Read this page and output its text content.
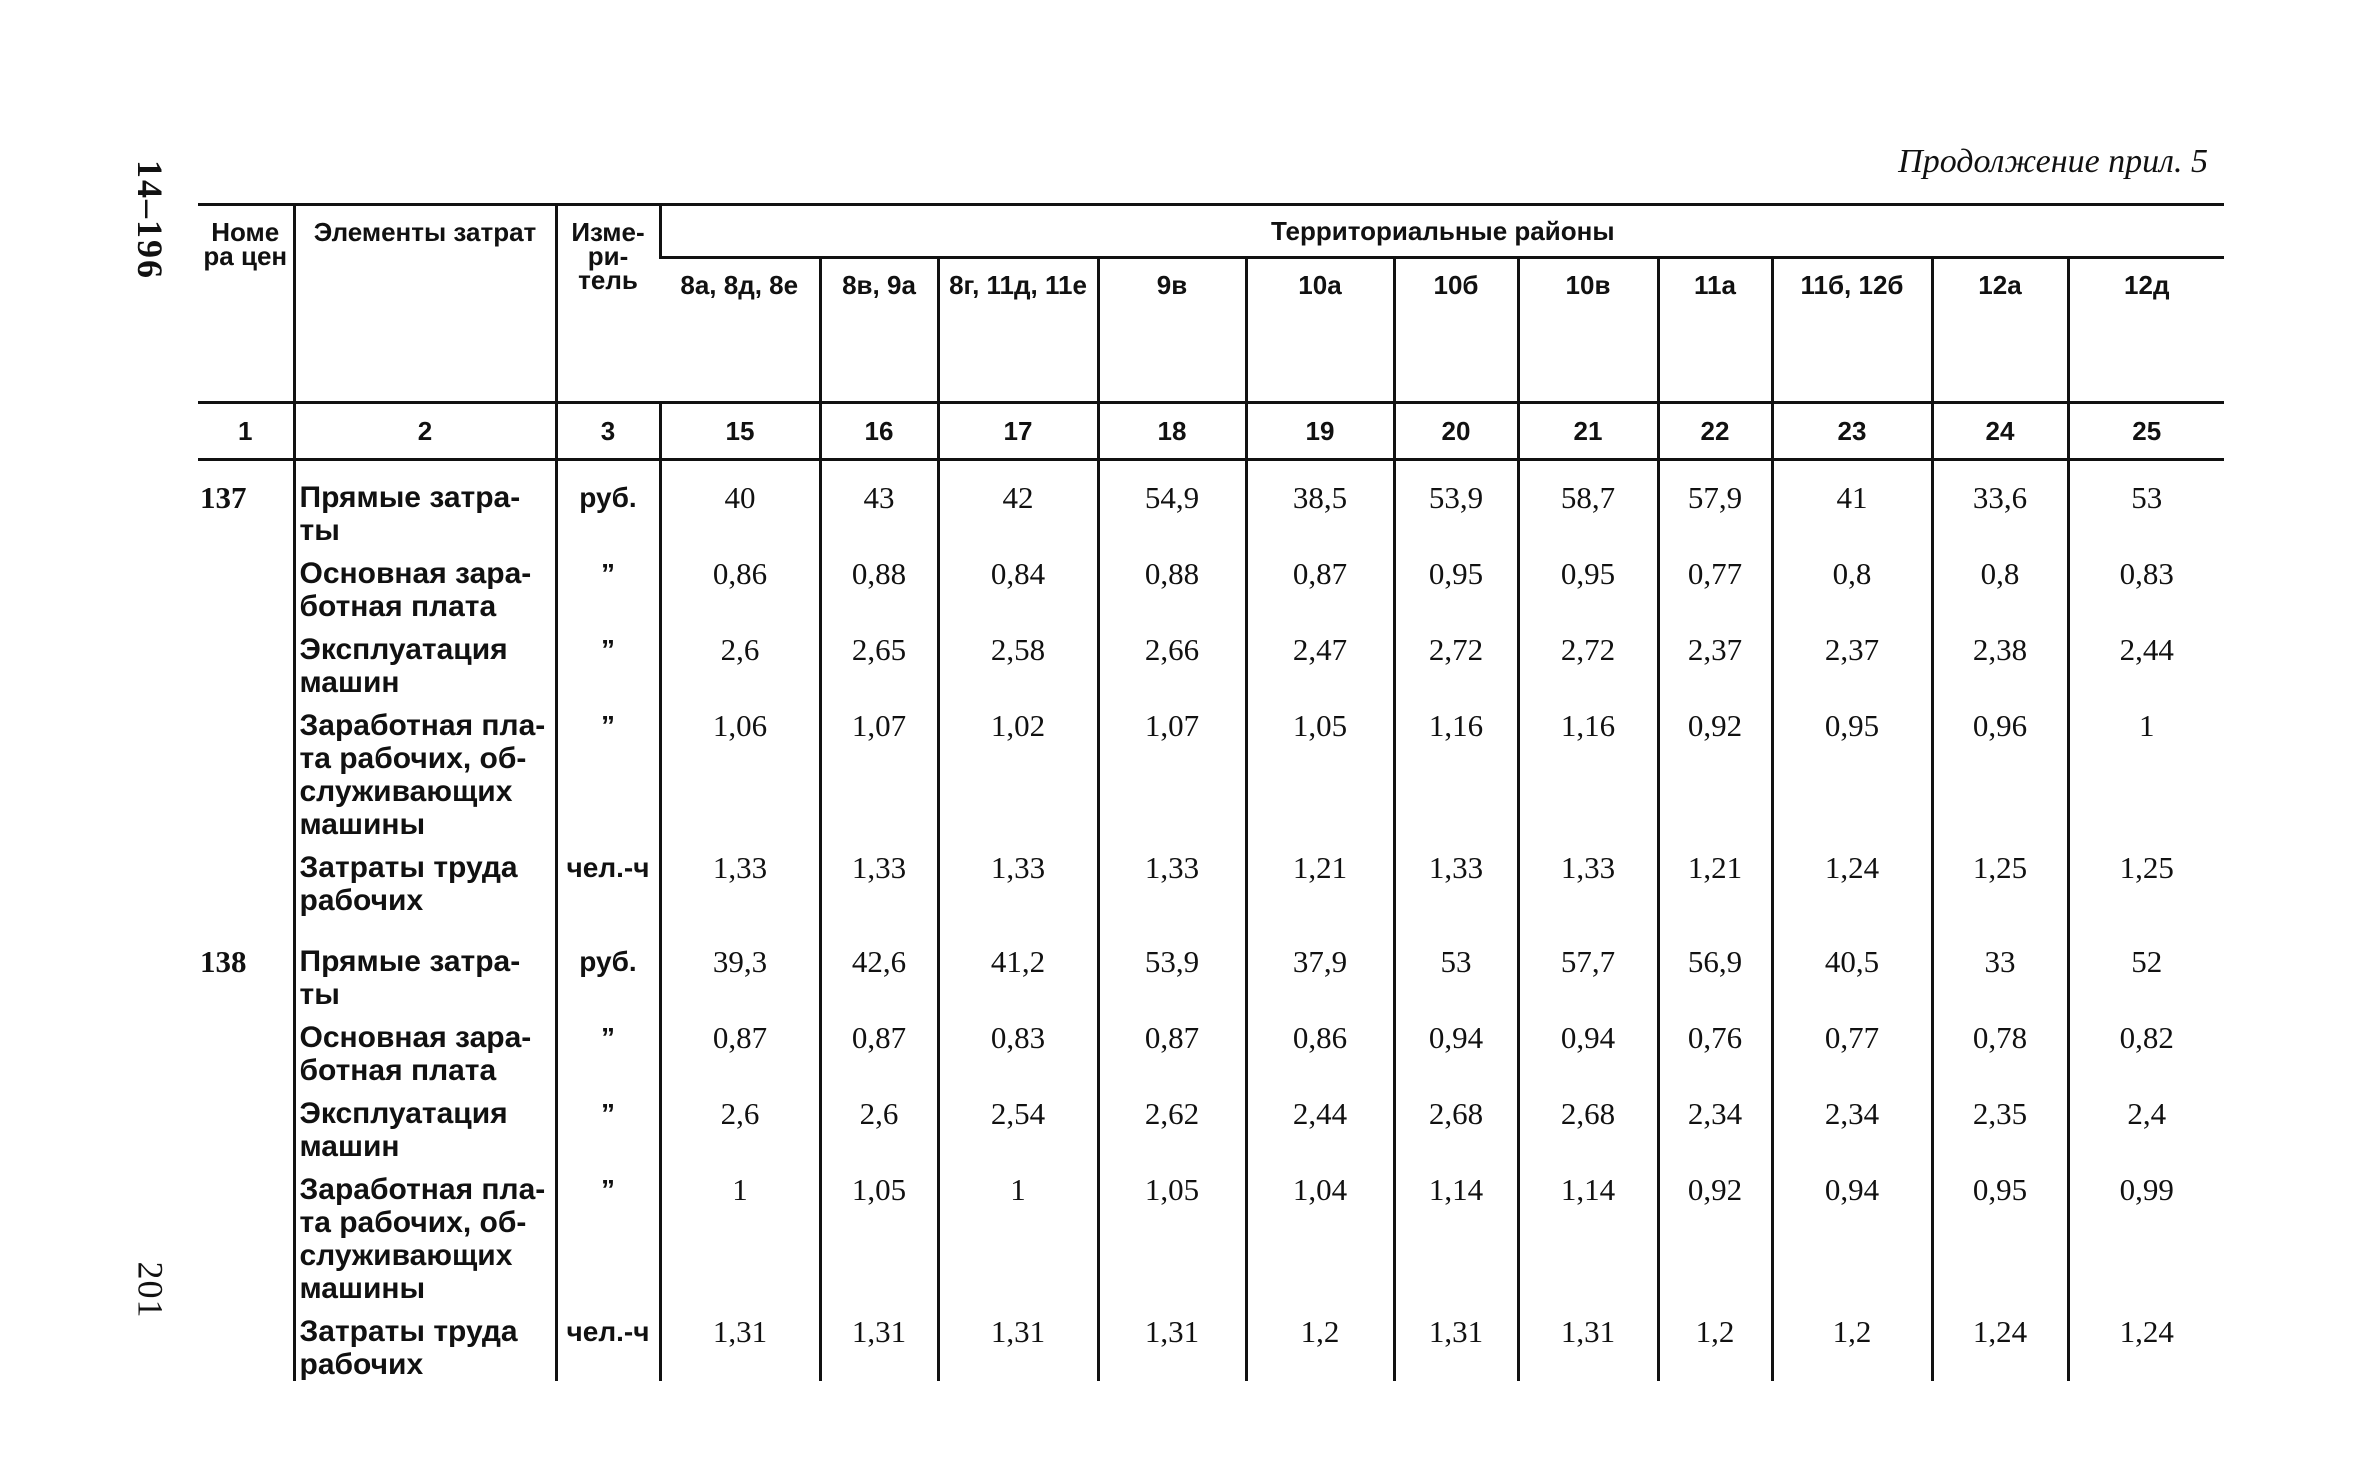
14–196
201
Продолжение прил. 5
Номе ра цен	Элементы затрат	Изме- ри- тель	Территориальные районы										
			8а, 8д, 8е	8в, 9а	8г, 11д, 11е	9в	10а	10б	10в	11а	11б, 12б	12а	12д
1	2	3	15	16	17	18	19	20	21	22	23	24	25
137	Прямые затра- ты	руб.	40	43	42	54,9	38,5	53,9	58,7	57,9	41	33,6	53
	Основная зара- ботная плата	”	0,86	0,88	0,84	0,88	0,87	0,95	0,95	0,77	0,8	0,8	0,83
	Эксплуатация машин	”	2,6	2,65	2,58	2,66	2,47	2,72	2,72	2,37	2,37	2,38	2,44
	Заработная пла- та рабочих, об- служивающих машины	”	1,06	1,07	1,02	1,07	1,05	1,16	1,16	0,92	0,95	0,96	1
	Затраты труда рабочих	чел.-ч	1,33	1,33	1,33	1,33	1,21	1,33	1,33	1,21	1,24	1,25	1,25
138	Прямые затра- ты	руб.	39,3	42,6	41,2	53,9	37,9	53	57,7	56,9	40,5	33	52
	Основная зара- ботная плата	”	0,87	0,87	0,83	0,87	0,86	0,94	0,94	0,76	0,77	0,78	0,82
	Эксплуатация машин	”	2,6	2,6	2,54	2,62	2,44	2,68	2,68	2,34	2,34	2,35	2,4
	Заработная пла- та рабочих, об- служивающих машины	”	1	1,05	1	1,05	1,04	1,14	1,14	0,92	0,94	0,95	0,99
	Затраты труда рабочих	чел.-ч	1,31	1,31	1,31	1,31	1,2	1,31	1,31	1,2	1,2	1,24	1,24
